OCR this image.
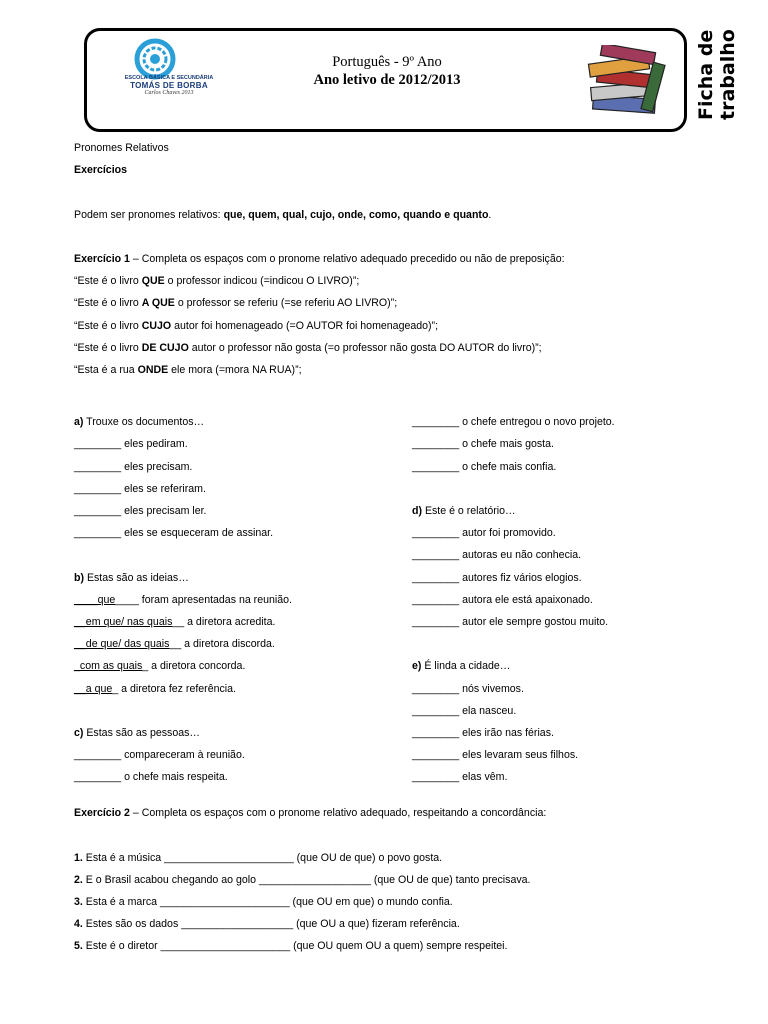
ESCOLA BÁSICA E SECUNDÁRIA
TOMÁS DE BORBA
Carlos Chaves 2013
Português - 9º Ano
Ano letivo de 2012/2013	Ficha de trabalho
Pronomes Relativos
Exercícios
Podem ser pronomes relativos: que, quem, qual, cujo, onde, como, quando e quanto.
Exercício 1 – Completa os espaços com o pronome relativo adequado precedido ou não de preposição:
“Este é o livro QUE o professor indicou (=indicou O LIVRO)”;
“Este é o livro A QUE o professor se referiu (=se referiu AO LIVRO)”;
“Este é o livro CUJO autor foi homenageado (=O AUTOR foi homenageado)”;
“Este é o livro DE CUJO autor o professor não gosta (=o professor não gosta DO AUTOR do livro)”;
“Esta é a rua ONDE ele mora (=mora NA RUA)”;
a) Trouxe os documentos…
________ eles pediram.
________ eles precisam.
________ eles se referiram.
________ eles precisam ler.
________ eles se esqueceram de assinar.
b) Estas são as ideias…
____que____ foram apresentadas na reunião.
__em que/ nas quais__ a diretora acredita.
__de que/ das quais__ a diretora discorda.
_com as quais_ a diretora concorda.
__a que_ a diretora fez referência.
c) Estas são as pessoas…
________ compareceram à reunião.
________ o chefe mais respeita.
________ o chefe entregou o novo projeto.
________ o chefe mais gosta.
________ o chefe mais confia.
d) Este é o relatório…
________ autor foi promovido.
________ autoras eu não conhecia.
________ autores fiz vários elogios.
________ autora ele está apaixonado.
________ autor ele sempre gostou muito.
e) É linda a cidade…
________ nós vivemos.
________ ela nasceu.
________ eles irão nas férias.
________ eles levaram seus filhos.
________ elas vêm.
Exercício 2 – Completa os espaços com o pronome relativo adequado, respeitando a concordância:
1. Esta é a música ______________________ (que OU de que) o povo gosta.
2. E o Brasil acabou chegando ao golo ___________________ (que OU de que) tanto precisava.
3. Esta é a marca ______________________ (que OU em que) o mundo confia.
4. Estes são os dados ___________________ (que OU a que) fizeram referência.
5. Este é o diretor ______________________ (que OU quem OU a quem) sempre respeitei.
